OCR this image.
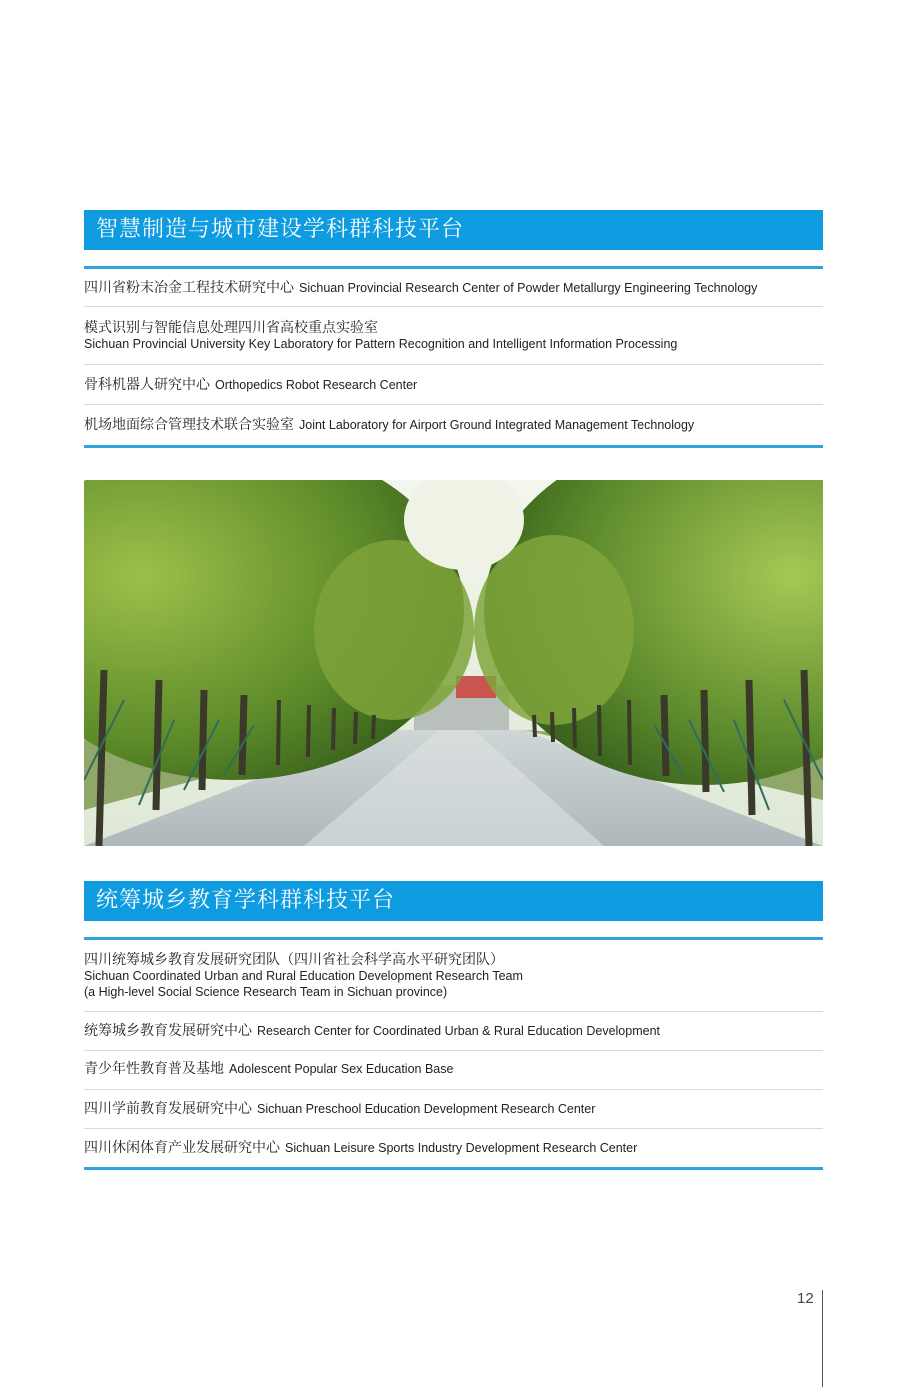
智慧制造与城市建设学科群科技平台
四川省粉末冶金工程技术研究中心 Sichuan Provincial Research Center of Powder Metallurgy Engineering Technology
模式识别与智能信息处理四川省高校重点实验室
Sichuan Provincial University Key Laboratory for Pattern Recognition and Intelligent Information Processing
骨科机器人研究中心 Orthopedics Robot Research Center
机场地面综合管理技术联合实验室 Joint Laboratory for Airport Ground Integrated Management Technology
统筹城乡教育学科群科技平台
四川统筹城乡教育发展研究团队（四川省社会科学高水平研究团队）
Sichuan Coordinated Urban and Rural Education Development Research Team
(a High-level Social Science Research Team in Sichuan province)
统筹城乡教育发展研究中心 Research Center for Coordinated Urban & Rural Education Development
青少年性教育普及基地 Adolescent Popular Sex Education Base
四川学前教育发展研究中心 Sichuan Preschool Education Development Research Center
四川休闲体育产业发展研究中心 Sichuan Leisure Sports Industry Development Research Center
12
